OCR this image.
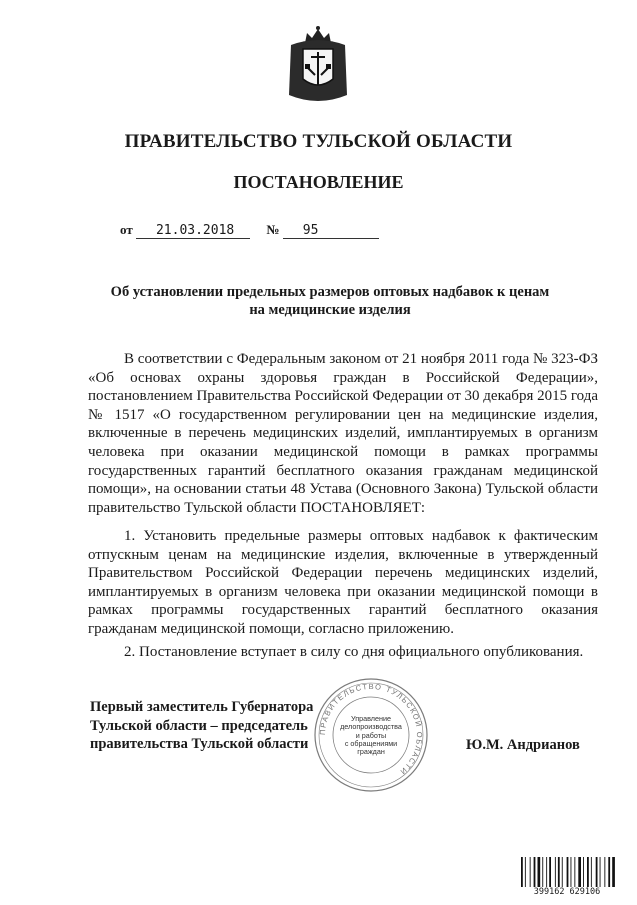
ПРАВИТЕЛЬСТВО ТУЛЬСКОЙ ОБЛАСТИ
ПОСТАНОВЛЕНИЕ
от 21.03.2018 № 95
Об установлении предельных размеров оптовых надбавок к ценам
на медицинские изделия
В соответствии с Федеральным законом от 21 ноября 2011 года № 323-ФЗ «Об основах охраны здоровья граждан в Российской Федерации», постановлением Правительства Российской Федерации от 30 декабря 2015 года № 1517 «О государственном регулировании цен на медицинские изделия, включенные в перечень медицинских изделий, имплантируемых в организм человека при оказании медицинской помощи в рамках программы государственных гарантий бесплатного оказания гражданам медицинской помощи», на основании статьи 48 Устава (Основного Закона) Тульской области правительство Тульской области ПОСТАНОВЛЯЕТ:
1. Установить предельные размеры оптовых надбавок к фактическим отпускным ценам на медицинские изделия, включенные в утвержденный Правительством Российской Федерации перечень медицинских изделий, имплантируемых в организм человека при оказании медицинской помощи в рамках программы государственных гарантий бесплатного оказания гражданам медицинской помощи, согласно приложению.
2. Постановление вступает в силу со дня официального опубликования.
Первый заместитель Губернатора
Тульской области – председатель
правительства Тульской области	Ю.М. Андрианов
ПРАВИТЕЛЬСТВО ТУЛЬСКОЙ ОБЛАСТИ
Управление
делопроизводства
и работы
с обращениями
граждан
399162 629106
